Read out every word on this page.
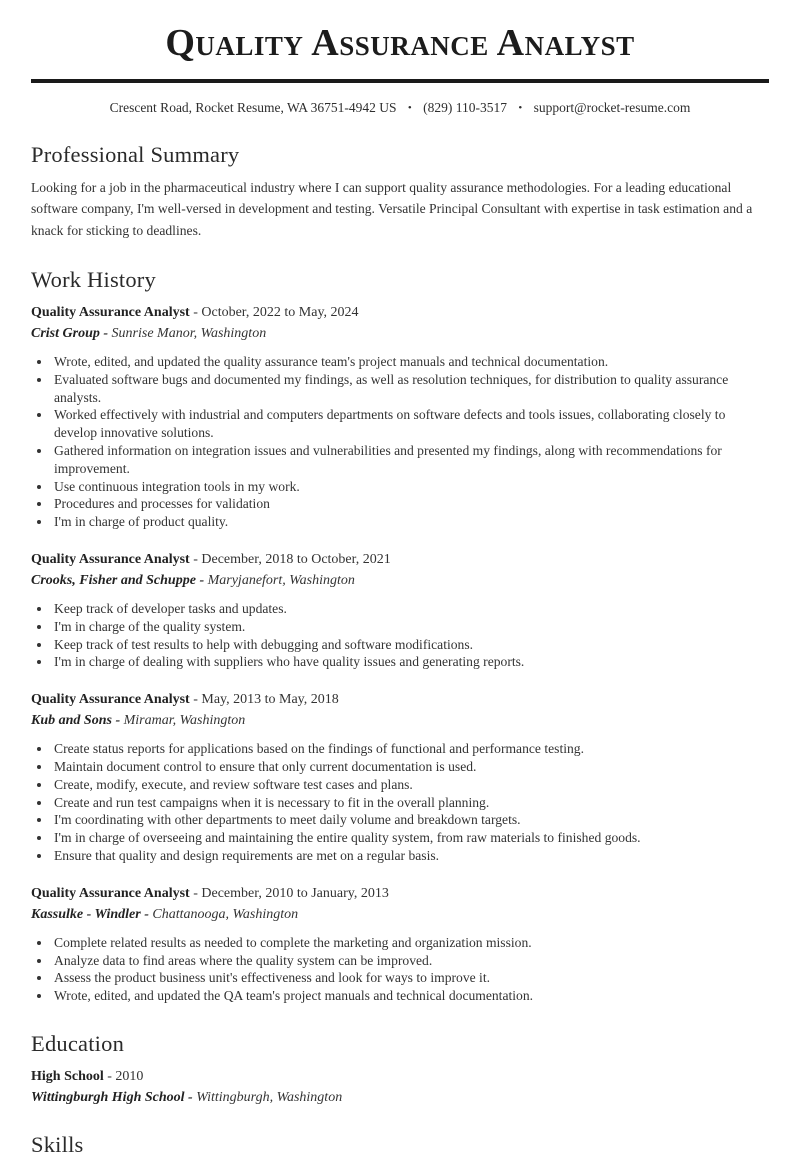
Quality Assurance Analyst
Crescent Road, Rocket Resume, WA 36751-4942 US • (829) 110-3517 • support@rocket-resume.com
Professional Summary

Looking for a job in the pharmaceutical industry where I can support quality assurance methodologies. For a leading educational software company, I'm well-versed in development and testing. Versatile Principal Consultant with expertise in task estimation and a knack for sticking to deadlines.

Work History
Quality Assurance Analyst - October, 2022 to May, 2024
Crist Group - Sunrise Manor, Washington
• Wrote, edited, and updated the quality assurance team's project manuals and technical documentation.
• Evaluated software bugs and documented my findings, as well as resolution techniques, for distribution to quality assurance analysts.
• Worked effectively with industrial and computers departments on software defects and tools issues, collaborating closely to develop innovative solutions.
• Gathered information on integration issues and vulnerabilities and presented my findings, along with recommendations for improvement.
• Use continuous integration tools in my work.
• Procedures and processes for validation
• I'm in charge of product quality.
Quality Assurance Analyst - December, 2018 to October, 2021
Crooks, Fisher and Schuppe - Maryjanefort, Washington
• Keep track of developer tasks and updates.
• I'm in charge of the quality system.
• Keep track of test results to help with debugging and software modifications.
• I'm in charge of dealing with suppliers who have quality issues and generating reports.
Quality Assurance Analyst - May, 2013 to May, 2018
Kub and Sons - Miramar, Washington
• Create status reports for applications based on the findings of functional and performance testing.
• Maintain document control to ensure that only current documentation is used.
• Create, modify, execute, and review software test cases and plans.
• Create and run test campaigns when it is necessary to fit in the overall planning.
• I'm coordinating with other departments to meet daily volume and breakdown targets.
• I'm in charge of overseeing and maintaining the entire quality system, from raw materials to finished goods.
• Ensure that quality and design requirements are met on a regular basis.
Quality Assurance Analyst - December, 2010 to January, 2013
Kassulke - Windler - Chattanooga, Washington
• Complete related results as needed to complete the marketing and organization mission.
• Analyze data to find areas where the quality system can be improved.
• Assess the product business unit's effectiveness and look for ways to improve it.
• Wrote, edited, and updated the QA team's project manuals and technical documentation.
Education
High School - 2010
Wittingburgh High School - Wittingburgh, Washington
Skills
